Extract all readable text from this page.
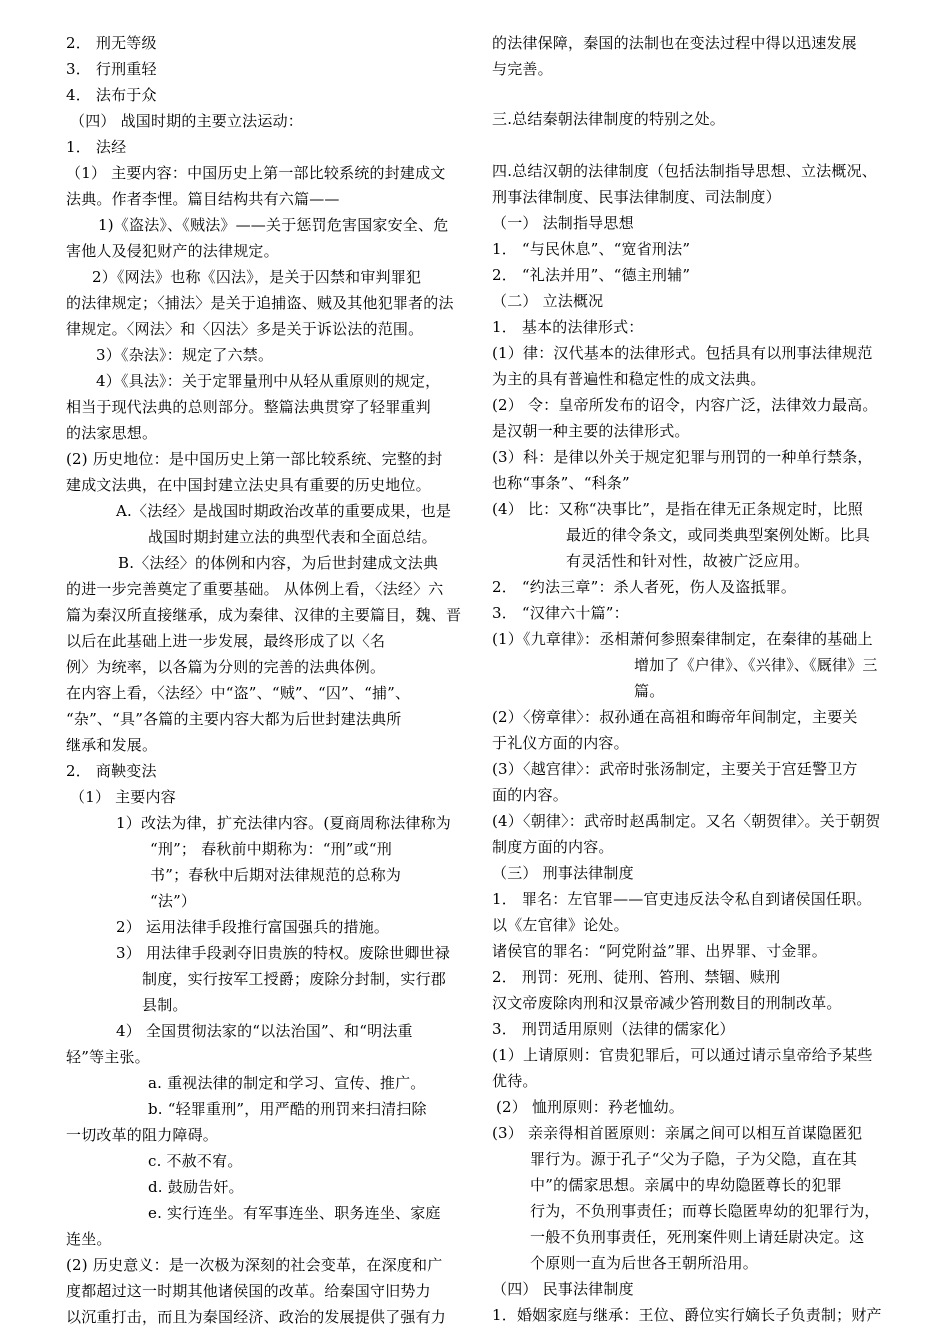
2． 刑无等级
3． 行刑重轻
4． 法布于众
（四） 战国时期的主要立法运动：
1． 法经
（1） 主要内容：中国历史上第一部比较系统的封建成文
法典。作者李悝。篇目结构共有六篇——
1)《盗法》、《贼法》——关于惩罚危害国家安全、危
害他人及侵犯财产的法律规定。
2）《网法》也称《囚法》，是关于囚禁和审判罪犯
的法律规定；〈捕法〉是关于追捕盗、贼及其他犯罪者的法
律规定。〈网法〉和〈囚法〉多是关于诉讼法的范围。
3）《杂法》：规定了六禁。
4）《具法》：关于定罪量刑中从轻从重原则的规定，
相当于现代法典的总则部分。整篇法典贯穿了轻罪重判
的法家思想。
(2) 历史地位：是中国历史上第一部比较系统、完整的封
建成文法典，在中国封建立法史具有重要的历史地位。
A.〈法经〉是战国时期政治改革的重要成果，也是
战国时期封建立法的典型代表和全面总结。
B.〈法经〉的体例和内容，为后世封建成文法典
的进一步完善奠定了重要基础。 从体例上看，〈法经〉六
篇为秦汉所直接继承，成为秦律、汉律的主要篇目，魏、晋
以后在此基础上进一步发展，最终形成了以〈名
例〉为统率，以各篇为分则的完善的法典体例。
在内容上看，〈法经〉中“盗”、“贼”、“囚”、“捕”、
“杂”、“具”各篇的主要内容大都为后世封建法典所
继承和发展。
2． 商鞅变法
（1） 主要内容
1）改法为律，扩充法律内容。(夏商周称法律称为
“刑”； 春秋前中期称为：“刑”或“刑
书”；春秋中后期对法律规范的总称为
“法”）
2） 运用法律手段推行富国强兵的措施。
3） 用法律手段剥夺旧贵族的特权。废除世卿世禄
制度，实行按军工授爵；废除分封制，实行郡
县制。
4） 全国贯彻法家的“以法治国”、和“明法重
轻”等主张。
a. 重视法律的制定和学习、宣传、推广。
b. “轻罪重刑”，用严酷的刑罚来扫清扫除
一切改革的阻力障碍。
c. 不赦不宥。
d. 鼓励告奸。
e. 实行连坐。有军事连坐、职务连坐、家庭
连坐。
(2) 历史意义：是一次极为深刻的社会变革，在深度和广
度都超过这一时期其他诸侯国的改革。给秦国守旧势力
以沉重打击，而且为秦国经济、政治的发展提供了强有力
的法律保障，秦国的法制也在变法过程中得以迅速发展
与完善。
三.总结秦朝法律制度的特别之处。
四.总结汉朝的法律制度（包括法制指导思想、立法概况、
刑事法律制度、民事法律制度、司法制度）
（一） 法制指导思想
1． “与民休息”、“宽省刑法”
2． “礼法并用”、“德主刑辅”
（二） 立法概况
1． 基本的法律形式：
(1）律：汉代基本的法律形式。包括具有以刑事法律规范
为主的具有普遍性和稳定性的成文法典。
(2） 令：皇帝所发布的诏令，内容广泛，法律效力最高。
是汉朝一种主要的法律形式。
(3）科：是律以外关于规定犯罪与刑罚的一种单行禁条，
也称“事条”、“科条”
(4） 比：又称“决事比”，是指在律无正条规定时，比照
最近的律令条文，或同类典型案例处断。比具
有灵活性和针对性，故被广泛应用。
2． “约法三章”：杀人者死，伤人及盗抵罪。
3． “汉律六十篇”：
(1）《九章律》：丞相萧何参照秦律制定，在秦律的基础上
增加了《户律》、《兴律》、《厩律》三
篇。
(2）〈傍章律〉：叔孙通在高祖和晦帝年间制定，主要关
于礼仪方面的内容。
(3）〈越宫律〉：武帝时张汤制定，主要关于宫廷警卫方
面的内容。
(4）〈朝律〉：武帝时赵禹制定。又名〈朝贺律〉。关于朝贺
制度方面的内容。
（三） 刑事法律制度
1． 罪名：左官罪——官吏违反法令私自到诸侯国任职。
以《左官律》论处。
诸侯官的罪名：“阿党附益”罪、出界罪、寸金罪。
2． 刑罚：死刑、徒刑、笞刑、禁锢、赎刑
汉文帝废除肉刑和汉景帝减少笞刑数目的刑制改革。
3． 刑罚适用原则（法律的儒家化）
(1）上请原则：官贵犯罪后，可以通过请示皇帝给予某些
优待。
(2） 恤刑原则：矜老恤幼。
(3） 亲亲得相首匿原则：亲属之间可以相互首谋隐匿犯
罪行为。源于孔子“父为子隐，子为父隐，直在其
中”的儒家思想。亲属中的卑幼隐匿尊长的犯罪
行为，不负刑事责任；而尊长隐匿卑幼的犯罪行为，
一般不负刑事责任，死刑案件则上请廷尉决定。这
个原则一直为后世各王朝所沿用。
（四） 民事法律制度
1．婚姻家庭与继承：王位、爵位实行嫡长子负责制；财产
